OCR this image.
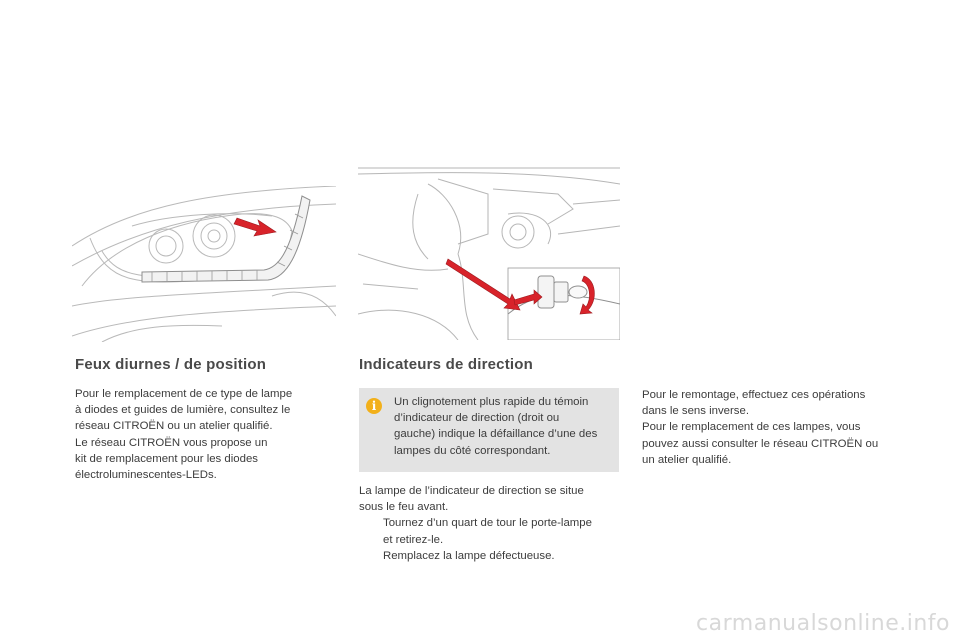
Feux diurnes / de position

Pour le remplacement de ce type de lampe

à diodes et guides de lumière, consultez le

réseau CITROËN ou un atelier qualifié.

Le réseau CITROËN vous propose un

kit de remplacement pour les diodes

électroluminescentes-LEDs.

Indicateurs de direction
i	Un clignotement plus rapide du témoin
d’indicateur de direction (droit ou
gauche) indique la défaillance d’une des
lampes du côté correspondant.

La lampe de l’indicateur de direction se situe

sous le feu avant.

Tournez d’un quart de tour le porte-lampe
et retirez-le.
Remplacez la lampe défectueuse.

Pour le remontage, effectuez ces opérations

dans le sens inverse.

Pour le remplacement de ces lampes, vous

pouvez aussi consulter le réseau CITROËN ou

un atelier qualifié.

carmanualsonline.info
